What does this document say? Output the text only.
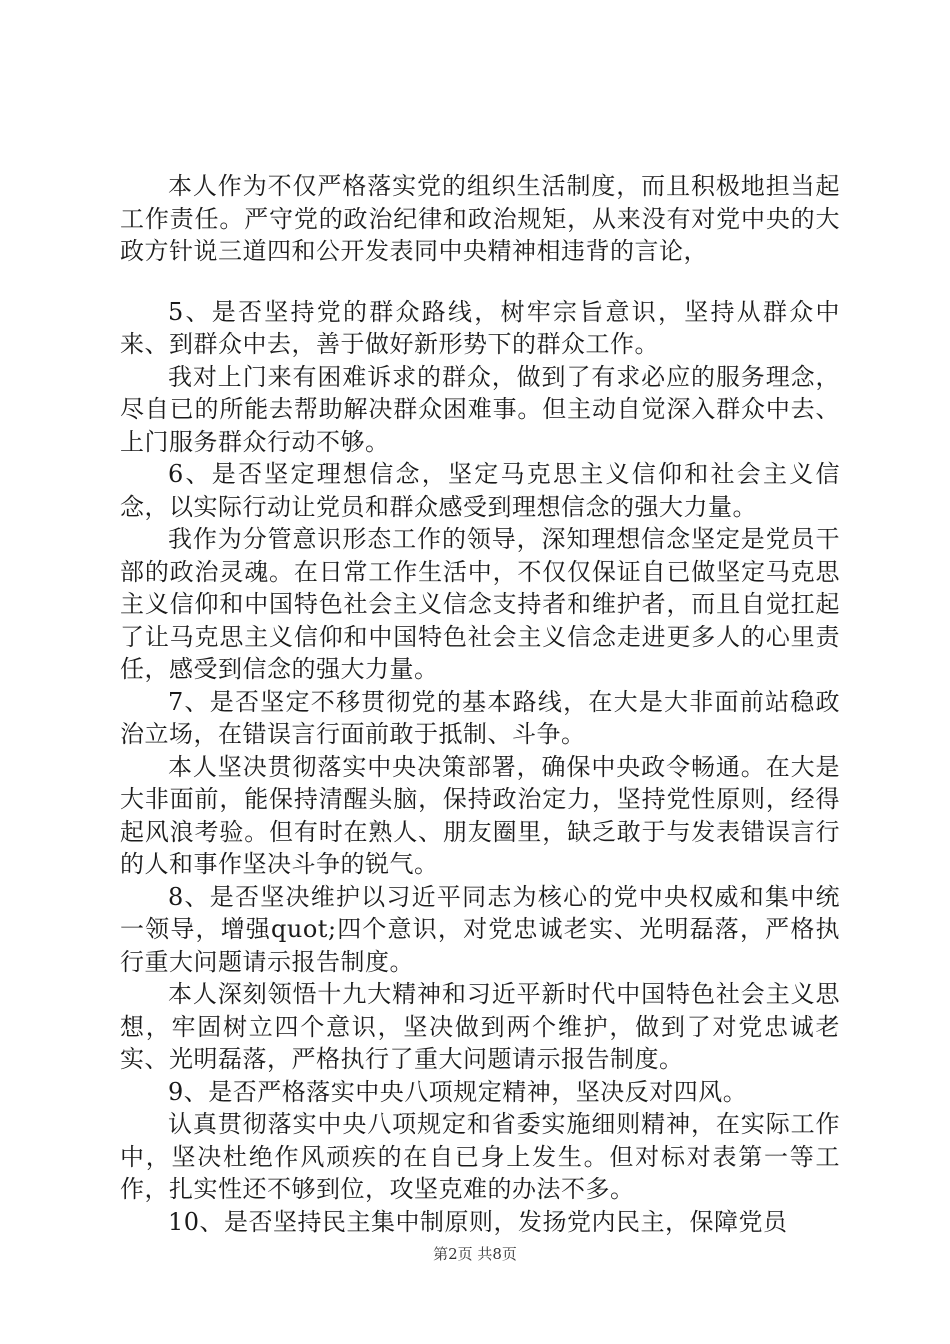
本人作为不仅严格落实党的组织生活制度，而且积极地担当起工作责任。严守党的政治纪律和政治规矩，从来没有对党中央的大政方针说三道四和公开发表同中央精神相违背的言论，

5、是否坚持党的群众路线，树牢宗旨意识，坚持从群众中来、到群众中去，善于做好新形势下的群众工作。

我对上门来有困难诉求的群众，做到了有求必应的服务理念，尽自已的所能去帮助解决群众困难事。但主动自觉深入群众中去、上门服务群众行动不够。

6、是否坚定理想信念，坚定马克思主义信仰和社会主义信念，以实际行动让党员和群众感受到理想信念的强大力量。

我作为分管意识形态工作的领导，深知理想信念坚定是党员干部的政治灵魂。在日常工作生活中，不仅仅保证自已做坚定马克思主义信仰和中国特色社会主义信念支持者和维护者，而且自觉扛起了让马克思主义信仰和中国特色社会主义信念走进更多人的心里责任，感受到信念的强大力量。

7、是否坚定不移贯彻党的基本路线，在大是大非面前站稳政治立场，在错误言行面前敢于抵制、斗争。

本人坚决贯彻落实中央决策部署，确保中央政令畅通。在大是大非面前，能保持清醒头脑，保持政治定力，坚持党性原则，经得起风浪考验。但有时在熟人、朋友圈里，缺乏敢于与发表错误言行的人和事作坚决斗争的锐气。

8、是否坚决维护以习近平同志为核心的党中央权威和集中统一领导，增强quot;四个意识，对党忠诚老实、光明磊落，严格执行重大问题请示报告制度。

本人深刻领悟十九大精神和习近平新时代中国特色社会主义思想，牢固树立四个意识，坚决做到两个维护，做到了对党忠诚老实、光明磊落，严格执行了重大问题请示报告制度。

9、是否严格落实中央八项规定精神，坚决反对四风。

认真贯彻落实中央八项规定和省委实施细则精神，在实际工作中，坚决杜绝作风顽疾的在自已身上发生。但对标对表第一等工作，扎实性还不够到位，攻坚克难的办法不多。

10、是否坚持民主集中制原则，发扬党内民主，保障党员

第2页 共8页
